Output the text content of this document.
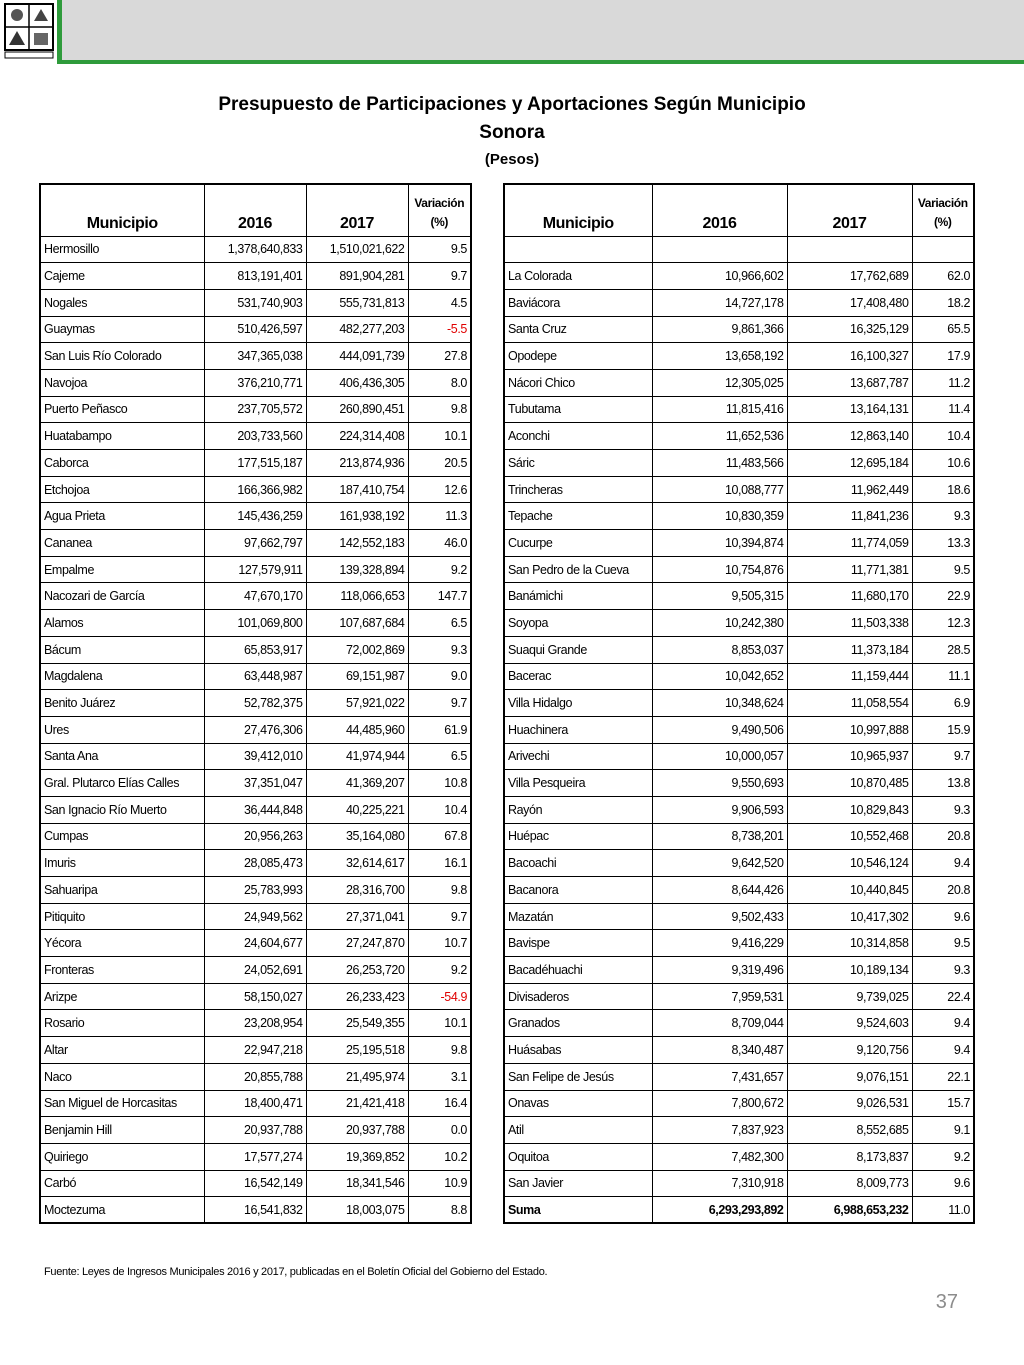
Presupuesto de Participaciones y Aportaciones Según Municipio
Sonora
(Pesos)
Municipio	2016	2017	Variación
(%)
Hermosillo	1,378,640,833	1,510,021,622	9.5
Cajeme	813,191,401	891,904,281	9.7
Nogales	531,740,903	555,731,813	4.5
Guaymas	510,426,597	482,277,203	-5.5
San Luis Río Colorado	347,365,038	444,091,739	27.8
Navojoa	376,210,771	406,436,305	8.0
Puerto Peñasco	237,705,572	260,890,451	9.8
Huatabampo	203,733,560	224,314,408	10.1
Caborca	177,515,187	213,874,936	20.5
Etchojoa	166,366,982	187,410,754	12.6
Agua Prieta	145,436,259	161,938,192	11.3
Cananea	97,662,797	142,552,183	46.0
Empalme	127,579,911	139,328,894	9.2
Nacozari de García	47,670,170	118,066,653	147.7
Alamos	101,069,800	107,687,684	6.5
Bácum	65,853,917	72,002,869	9.3
Magdalena	63,448,987	69,151,987	9.0
Benito Juárez	52,782,375	57,921,022	9.7
Ures	27,476,306	44,485,960	61.9
Santa Ana	39,412,010	41,974,944	6.5
Gral. Plutarco Elías Calles	37,351,047	41,369,207	10.8
San Ignacio Río Muerto	36,444,848	40,225,221	10.4
Cumpas	20,956,263	35,164,080	67.8
Imuris	28,085,473	32,614,617	16.1
Sahuaripa	25,783,993	28,316,700	9.8
Pitiquito	24,949,562	27,371,041	9.7
Yécora	24,604,677	27,247,870	10.7
Fronteras	24,052,691	26,253,720	9.2
Arizpe	58,150,027	26,233,423	-54.9
Rosario	23,208,954	25,549,355	10.1
Altar	22,947,218	25,195,518	9.8
Naco	20,855,788	21,495,974	3.1
San Miguel de Horcasitas	18,400,471	21,421,418	16.4
Benjamin Hill	20,937,788	20,937,788	0.0
Quiriego	17,577,274	19,369,852	10.2
Carbó	16,542,149	18,341,546	10.9
Moctezuma	16,541,832	18,003,075	8.8
Municipio	2016	2017	Variación
(%)

La Colorada	10,966,602	17,762,689	62.0
Baviácora	14,727,178	17,408,480	18.2
Santa Cruz	9,861,366	16,325,129	65.5
Opodepe	13,658,192	16,100,327	17.9
Nácori Chico	12,305,025	13,687,787	11.2
Tubutama	11,815,416	13,164,131	11.4
Aconchi	11,652,536	12,863,140	10.4
Sáric	11,483,566	12,695,184	10.6
Trincheras	10,088,777	11,962,449	18.6
Tepache	10,830,359	11,841,236	9.3
Cucurpe	10,394,874	11,774,059	13.3
San Pedro de la Cueva	10,754,876	11,771,381	9.5
Banámichi	9,505,315	11,680,170	22.9
Soyopa	10,242,380	11,503,338	12.3
Suaqui Grande	8,853,037	11,373,184	28.5
Bacerac	10,042,652	11,159,444	11.1
Villa Hidalgo	10,348,624	11,058,554	6.9
Huachinera	9,490,506	10,997,888	15.9
Arivechi	10,000,057	10,965,937	9.7
Villa Pesqueira	9,550,693	10,870,485	13.8
Rayón	9,906,593	10,829,843	9.3
Huépac	8,738,201	10,552,468	20.8
Bacoachi	9,642,520	10,546,124	9.4
Bacanora	8,644,426	10,440,845	20.8
Mazatán	9,502,433	10,417,302	9.6
Bavispe	9,416,229	10,314,858	9.5
Bacadéhuachi	9,319,496	10,189,134	9.3
Divisaderos	7,959,531	9,739,025	22.4
Granados	8,709,044	9,524,603	9.4
Huásabas	8,340,487	9,120,756	9.4
San Felipe de Jesús	7,431,657	9,076,151	22.1
Onavas	7,800,672	9,026,531	15.7
Atil	7,837,923	8,552,685	9.1
Oquitoa	7,482,300	8,173,837	9.2
San Javier	7,310,918	8,009,773	9.6
Suma	6,293,293,892	6,988,653,232	11.0
Fuente: Leyes de Ingresos Municipales 2016 y 2017, publicadas en el Boletín Oficial del Gobierno del Estado.
37
